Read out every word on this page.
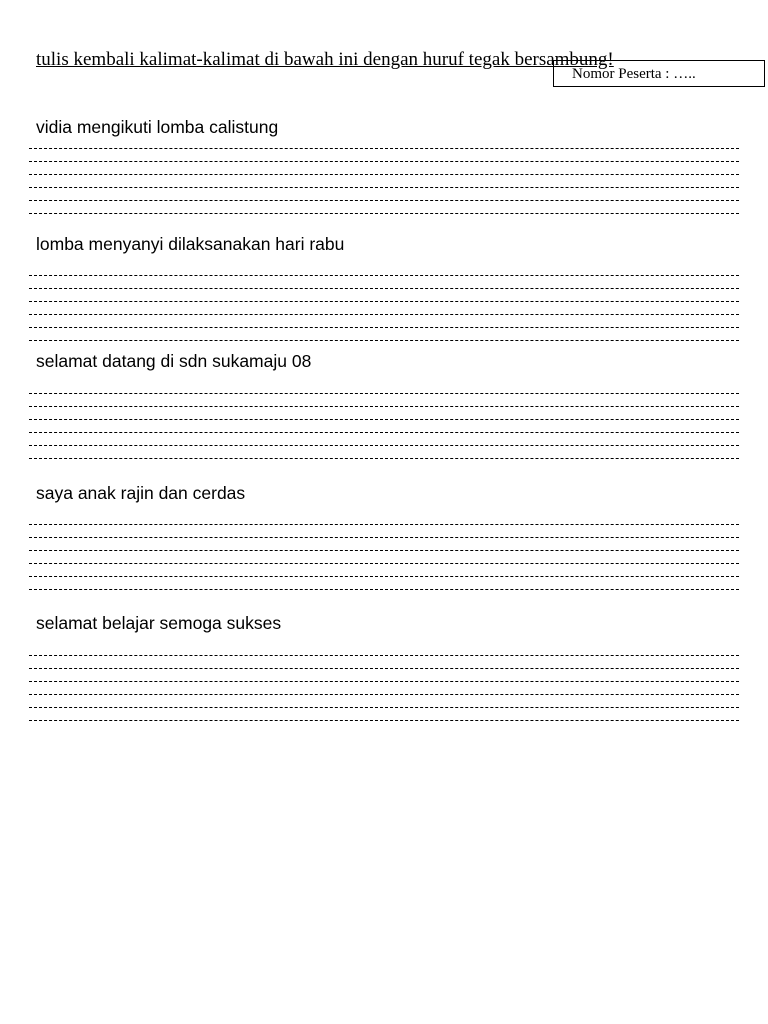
tulis kembali kalimat-kalimat di bawah ini dengan huruf tegak bersambung!

Nomor Peserta : …..

vidia mengikuti lomba calistung

lomba menyanyi dilaksanakan hari rabu

selamat datang di sdn sukamaju 08

saya anak rajin dan cerdas

selamat belajar semoga sukses
